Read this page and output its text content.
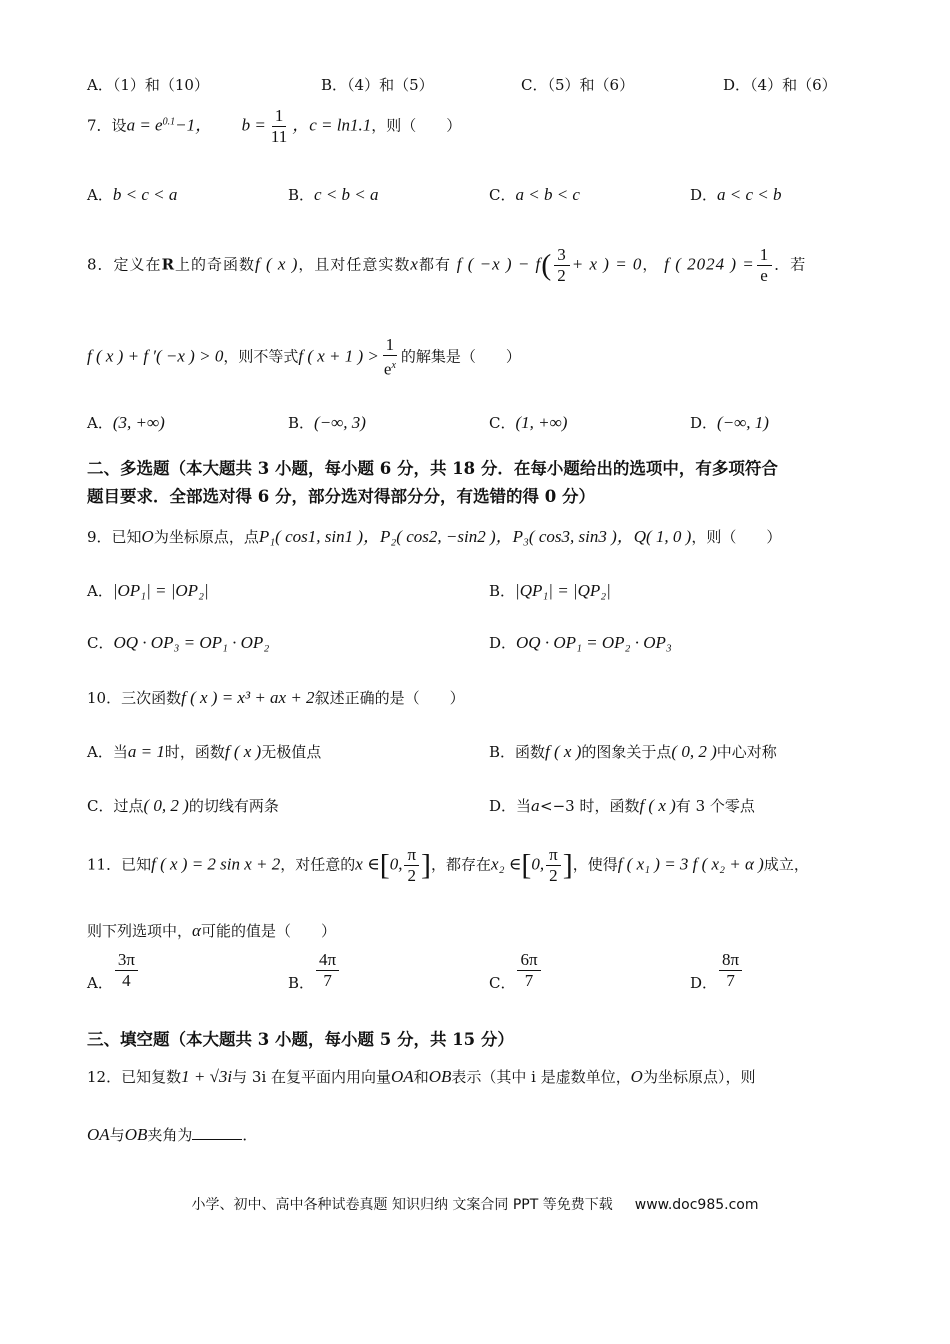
A．（1）和（10）	B．（4）和（5）	C．（5）和（6）	D．（4）和（6）
7．设$a = e^{0.1}-1$， $b = \frac{1}{11}$ ，c = ln1.1，则（　　）
A．b < c < a	B．c < b < a	C．a < b < c	D．a < c < b
8．定义在R上的奇函数f ( x )，且对任意实数x都有 f ( −x ) − $f( \frac{3}{2} + x$ ) = 0， f ( 2024 ) = $\frac{1}{e}$ ．若
f ( x ) + f ′( −x ) > 0，则不等式f ( x + 1 ) > $\frac{1}{e^x}$ 的解集是（　　）
A．(3, +∞)	B．(−∞, 3)	C．(1, +∞)	D．(−∞, 1)
二、多选题（本大题共 3 小题，每小题 6 分，共 18 分．在每小题给出的选项中，有多项符合
题目要求．全部选对得 6 分，部分选对得部分分，有选错的得 0 分）
9．已知O为坐标原点，点P₁( cos1, sin1 )，P₂( cos2, −sin2 )，P₃( cos3, sin3 )，Q( 1, 0 )，则（　　）
A．|OP₁| = |OP₂|	B．|QP₁| = |QP₂|
C．OQ · OP₃ = OP₁ · OP₂	D．OQ · OP₁ = OP₂ · OP₃
10．三次函数f ( x ) = x³ + ax + 2叙述正确的是（　　）
A．当a = 1时，函数f ( x )无极值点	B．函数f ( x )的图象关于点( 0, 2 )中心对称
C．过点( 0, 2 )的切线有两条	D．当a<−3 时，函数f ( x )有 3 个零点
11．已知f ( x ) = 2 sin x + 2，对任意的x ∈[0, $\frac{\pi}{2}$ ]，都存在x₂ ∈[0, $\frac{\pi}{2}$ ]，使得f ( x₁ ) = 3 f ( x₂ + α )成立，
则下列选项中，α可能的值是（　　）
A． $\frac{3\pi}{4}$	B． $\frac{4\pi}{7}$	C． $\frac{6\pi}{7}$	D． $\frac{8\pi}{7}$
三、填空题（本大题共 3 小题，每小题 5 分，共 15 分）
12．已知复数1 + √3i与 3i 在复平面内用向量OA和OB表示（其中 i 是虚数单位，O为坐标原点），则
OA与OB夹角为	．
小学、初中、高中各种试卷真题 知识归纳 文案合同 PPT 等免费下载 www.doc985.com
